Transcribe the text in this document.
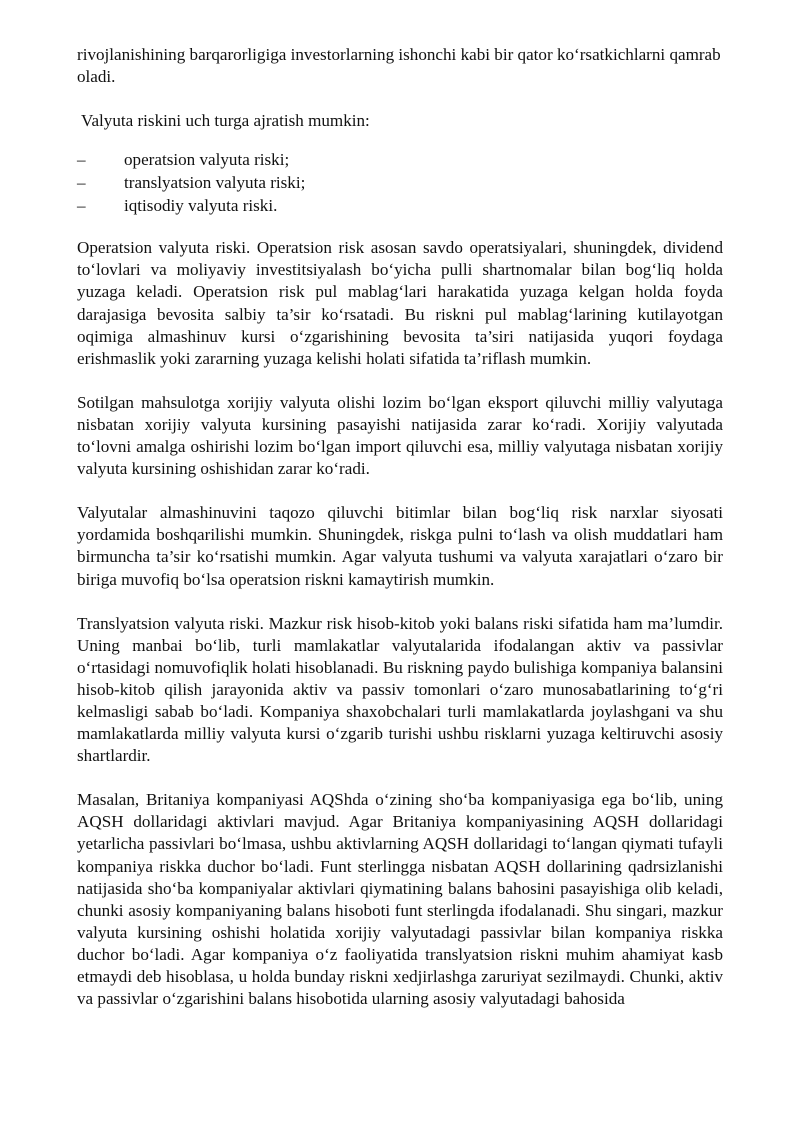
rivojlanishining barqarorligiga investorlarning ishonchi kabi bir qator ko‘rsatkichlarni qamrab oladi.

Valyuta riskini uch turga ajratish mumkin:

– operatsion valyuta riski;
– translyatsion valyuta riski;
– iqtisodiy valyuta riski.

Operatsion valyuta riski. Operatsion risk asosan savdo operatsiyalari, shuningdek, dividend to‘lovlari va moliyaviy investitsiyalash bo‘yicha pulli shartnomalar bilan bog‘liq holda yuzaga keladi. Operatsion risk pul mablag‘lari harakatida yuzaga kelgan holda foyda darajasiga bevosita salbiy ta’sir ko‘rsatadi. Bu riskni pul mablag‘larining kutilayotgan oqimiga almashinuv kursi o‘zgarishining bevosita ta’siri natijasida yuqori foydaga erishmaslik yoki zararning yuzaga kelishi holati sifatida ta’riflash mumkin.

Sotilgan mahsulotga xorijiy valyuta olishi lozim bo‘lgan eksport qiluvchi milliy valyutaga nisbatan xorijiy valyuta kursining pasayishi natijasida zarar ko‘radi. Xorijiy valyutada to‘lovni amalga oshirishi lozim bo‘lgan import qiluvchi esa, milliy valyutaga nisbatan xorijiy valyuta kursining oshishidan zarar ko‘radi.

Valyutalar almashinuvini taqozo qiluvchi bitimlar bilan bog‘liq risk narxlar siyosati yordamida boshqarilishi mumkin. Shuningdek, riskga pulni to‘lash va olish muddatlari ham birmuncha ta’sir ko‘rsatishi mumkin. Agar valyuta tushumi va valyuta xarajatlari o‘zaro bir biriga muvofiq bo‘lsa operatsion riskni kamaytirish mumkin.

Translyatsion valyuta riski. Mazkur risk hisob-kitob yoki balans riski sifatida ham ma’lumdir. Uning manbai bo‘lib, turli mamlakatlar valyutalarida ifodalangan aktiv va passivlar o‘rtasidagi nomuvofiqlik holati hisoblanadi. Bu riskning paydo bulishiga kompaniya balansini hisob-kitob qilish jarayonida aktiv va passiv tomonlari o‘zaro munosabatlarining to‘g‘ri kelmasligi sabab bo‘ladi. Kompaniya shaxobchalari turli mamlakatlarda joylashgani va shu mamlakatlarda milliy valyuta kursi o‘zgarib turishi ushbu risklarni yuzaga keltiruvchi asosiy shartlardir.

Masalan, Britaniya kompaniyasi AQShda o‘zining sho‘ba kompaniyasiga ega bo‘lib, uning AQSH dollaridagi aktivlari mavjud. Agar Britaniya kompaniyasining AQSH dollaridagi yetarlicha passivlari bo‘lmasa, ushbu aktivlarning AQSH dollaridagi to‘langan qiymati tufayli kompaniya riskka duchor bo‘ladi. Funt sterlingga nisbatan AQSH dollarining qadrsizlanishi natijasida sho‘ba kompaniyalar aktivlari qiymatining balans bahosini pasayishiga olib keladi, chunki asosiy kompaniyaning balans hisoboti funt sterlingda ifodalanadi. Shu singari, mazkur valyuta kursining oshishi holatida xorijiy valyutadagi passivlar bilan kompaniya riskka duchor bo‘ladi. Agar kompaniya o‘z faoliyatida translyatsion riskni muhim ahamiyat kasb etmaydi deb hisoblasa, u holda bunday riskni xedjirlashga zaruriyat sezilmaydi. Chunki, aktiv va passivlar o‘zgarishini balans hisobotida ularning asosiy valyutadagi bahosida
